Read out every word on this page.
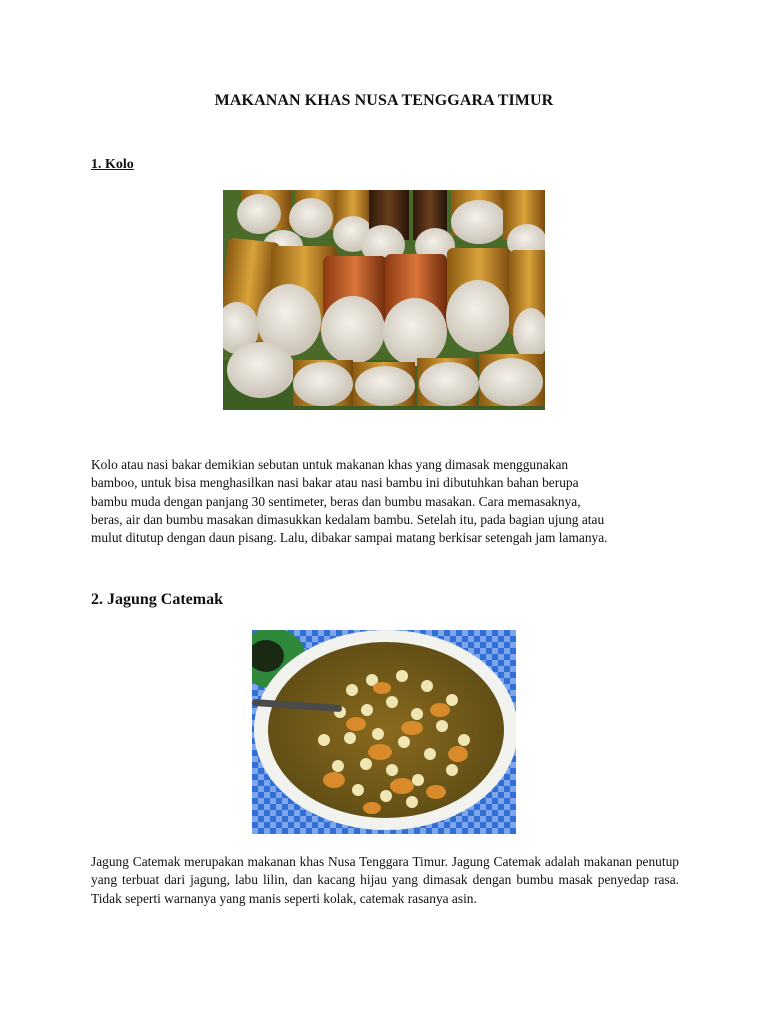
MAKANAN KHAS NUSA TENGGARA TIMUR
1. Kolo
Kolo atau nasi bakar demikian sebutan untuk makanan khas yang dimasak menggunakan
bamboo, untuk bisa menghasilkan nasi bakar atau nasi bambu ini dibutuhkan bahan berupa
bambu muda dengan panjang 30 sentimeter, beras dan bumbu masakan. Cara memasaknya,
beras, air dan bumbu masakan dimasukkan kedalam bambu. Setelah itu, pada bagian ujung atau
mulut ditutup dengan daun pisang. Lalu, dibakar sampai matang berkisar setengah jam lamanya.
2. Jagung Catemak
Jagung Catemak merupakan makanan khas Nusa Tenggara Timur. Jagung Catemak adalah makanan penutup yang terbuat dari jagung, labu lilin, dan kacang hijau yang dimasak dengan bumbu masak penyedap rasa. Tidak seperti warnanya yang manis seperti kolak, catemak rasanya asin.
